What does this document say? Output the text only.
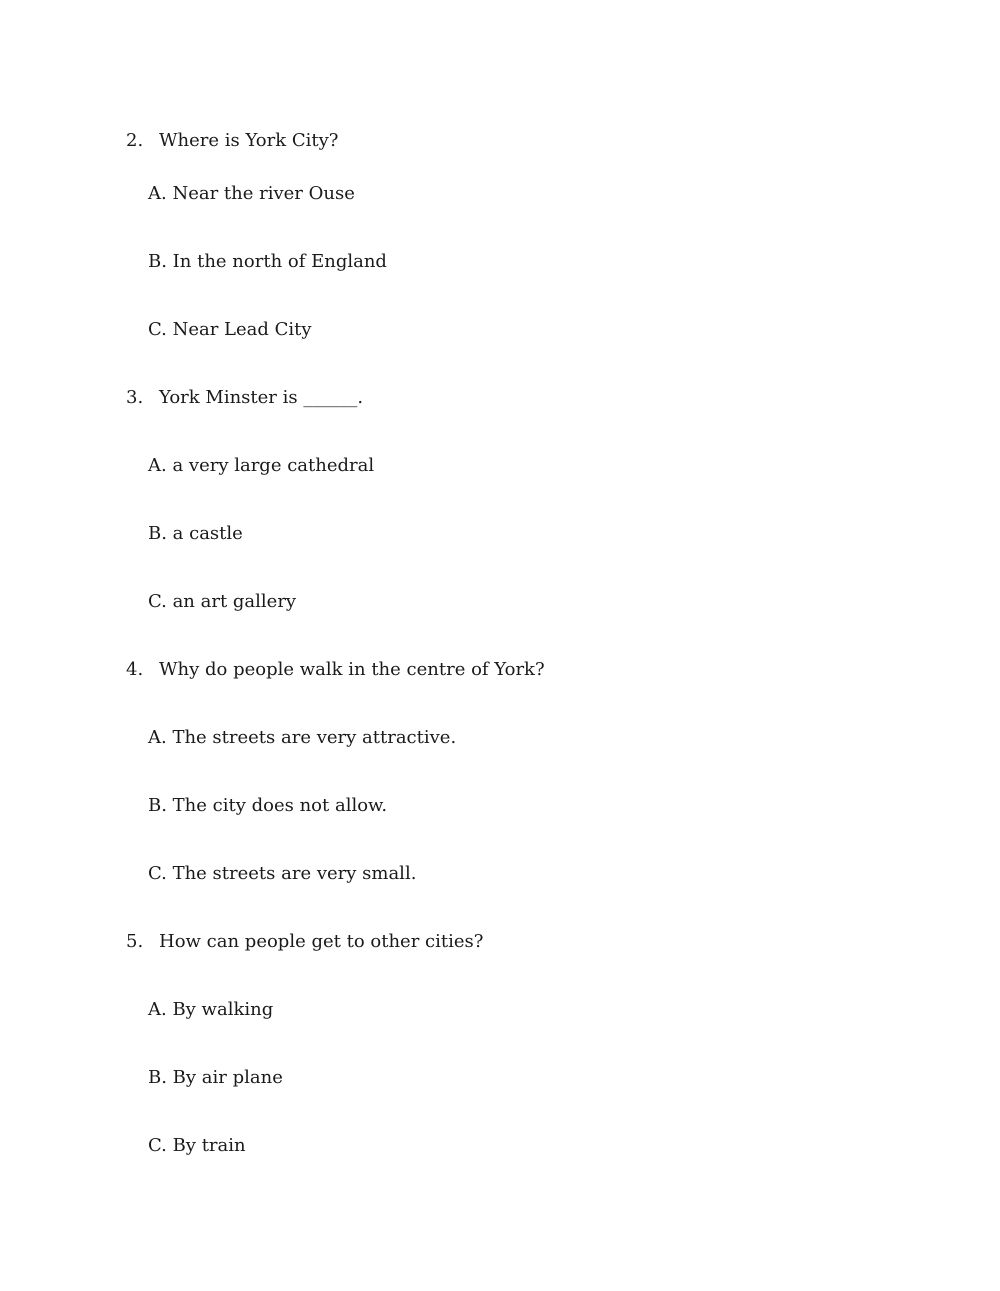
2. Where is York City?
A. Near the river Ouse
B. In the north of England
C. Near Lead City
3. York Minster is ______.
A. a very large cathedral
B. a castle
C. an art gallery
4. Why do people walk in the centre of York?
A. The streets are very attractive.
B. The city does not allow.
C. The streets are very small.
5. How can people get to other cities?
A. By walking
B. By air plane
C. By train
